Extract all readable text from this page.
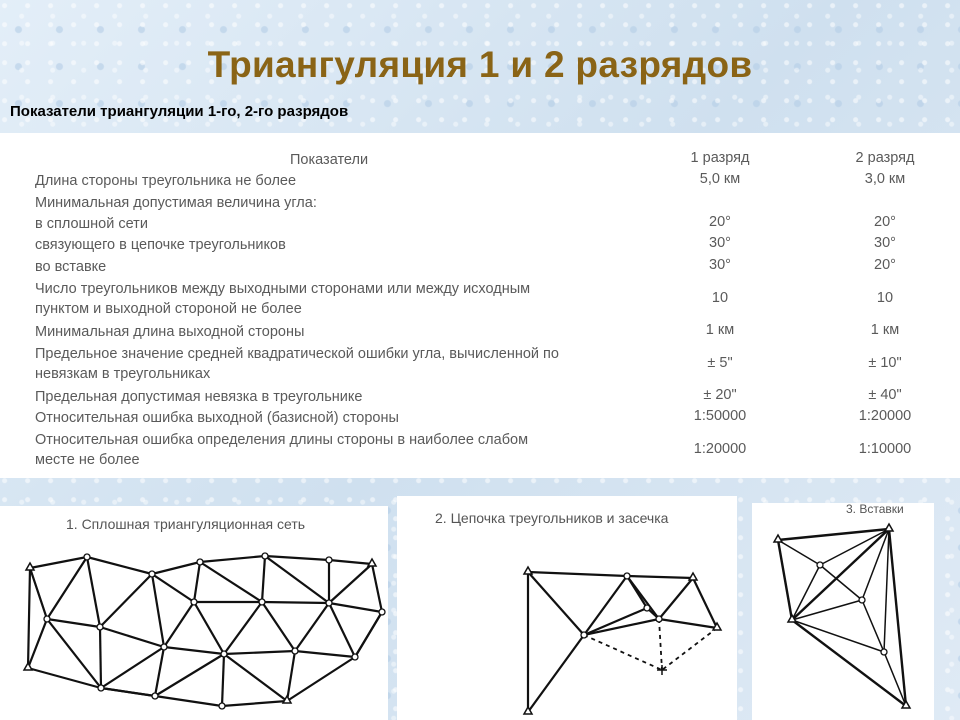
Триангуляция 1 и 2 разрядов
Показатели триангуляции 1-го, 2-го разрядов
Показатели	1 разряд	2 разряд
Длина стороны треугольника не более	5,0 км	3,0 км
Минимальная допустимая величина угла:
в сплошной сети	20°	20°
связующего в цепочке треугольников	30°	30°
во вставке	30°	20°
Число треугольников между выходными сторонами или между исходным
пунктом и выходной стороной не более
10	10
Минимальная длина выходной стороны	1 км	1 км
Предельное значение средней квадратической ошибки угла, вычисленной по
невязкам в треугольниках
± 5"	± 10"
Предельная допустимая невязка в треугольнике	± 20"	± 40"
Относительная ошибка выходной (базисной) стороны	1:50000	1:20000
Относительная ошибка определения длины стороны в наиболее слабом
месте не более
1:20000	1:10000
1. Сплошная триангуляционная сеть	2. Цепочка треугольников и засечка
3. Вставки
